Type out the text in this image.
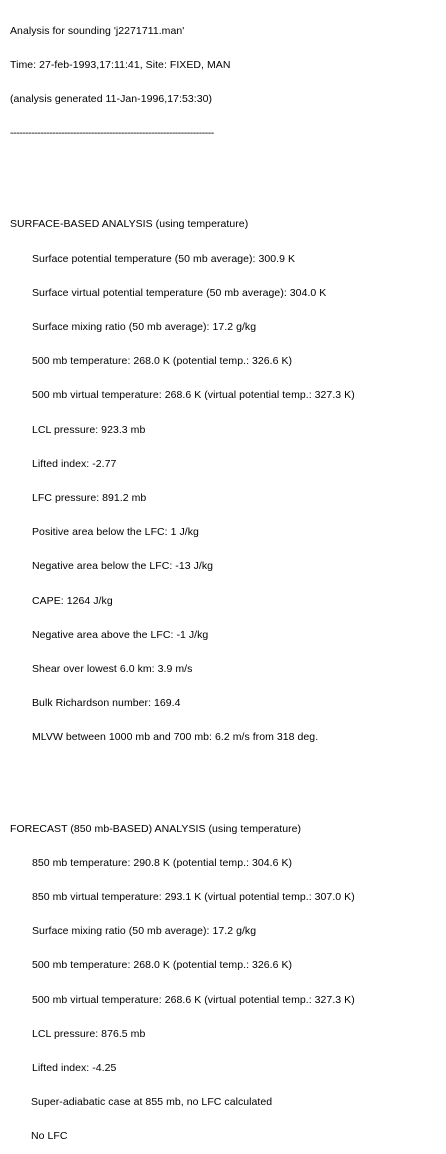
Analysis for sounding 'j2271711.man'

Time: 27-feb-1993,17:11:41, Site: FIXED, MAN

(analysis generated 11-Jan-1996,17:53:30)

--------------------------------------------------------------------

SURFACE-BASED ANALYSIS (using temperature)

Surface potential temperature (50 mb average): 300.9 K

Surface virtual potential temperature (50 mb average): 304.0 K

Surface mixing ratio (50 mb average): 17.2 g/kg

500 mb temperature: 268.0 K (potential temp.: 326.6 K)

500 mb virtual temperature: 268.6 K (virtual potential temp.: 327.3 K)

LCL pressure: 923.3 mb

Lifted index: -2.77

LFC pressure: 891.2 mb

Positive area below the LFC: 1 J/kg

Negative area below the LFC: -13 J/kg

CAPE: 1264 J/kg

Negative area above the LFC: -1 J/kg

Shear over lowest 6.0 km: 3.9 m/s

Bulk Richardson number: 169.4

MLVW between 1000 mb and 700 mb: 6.2 m/s from 318 deg.

FORECAST (850 mb-BASED) ANALYSIS (using temperature)

850 mb temperature: 290.8 K (potential temp.: 304.6 K)

850 mb virtual temperature: 293.1 K (virtual potential temp.: 307.0 K)

Surface mixing ratio (50 mb average): 17.2 g/kg

500 mb temperature: 268.0 K (potential temp.: 326.6 K)

500 mb virtual temperature: 268.6 K (virtual potential temp.: 327.3 K)

LCL pressure: 876.5 mb

Lifted index: -4.25

Super-adiabatic case at 855 mb, no LFC calculated

No LFC
